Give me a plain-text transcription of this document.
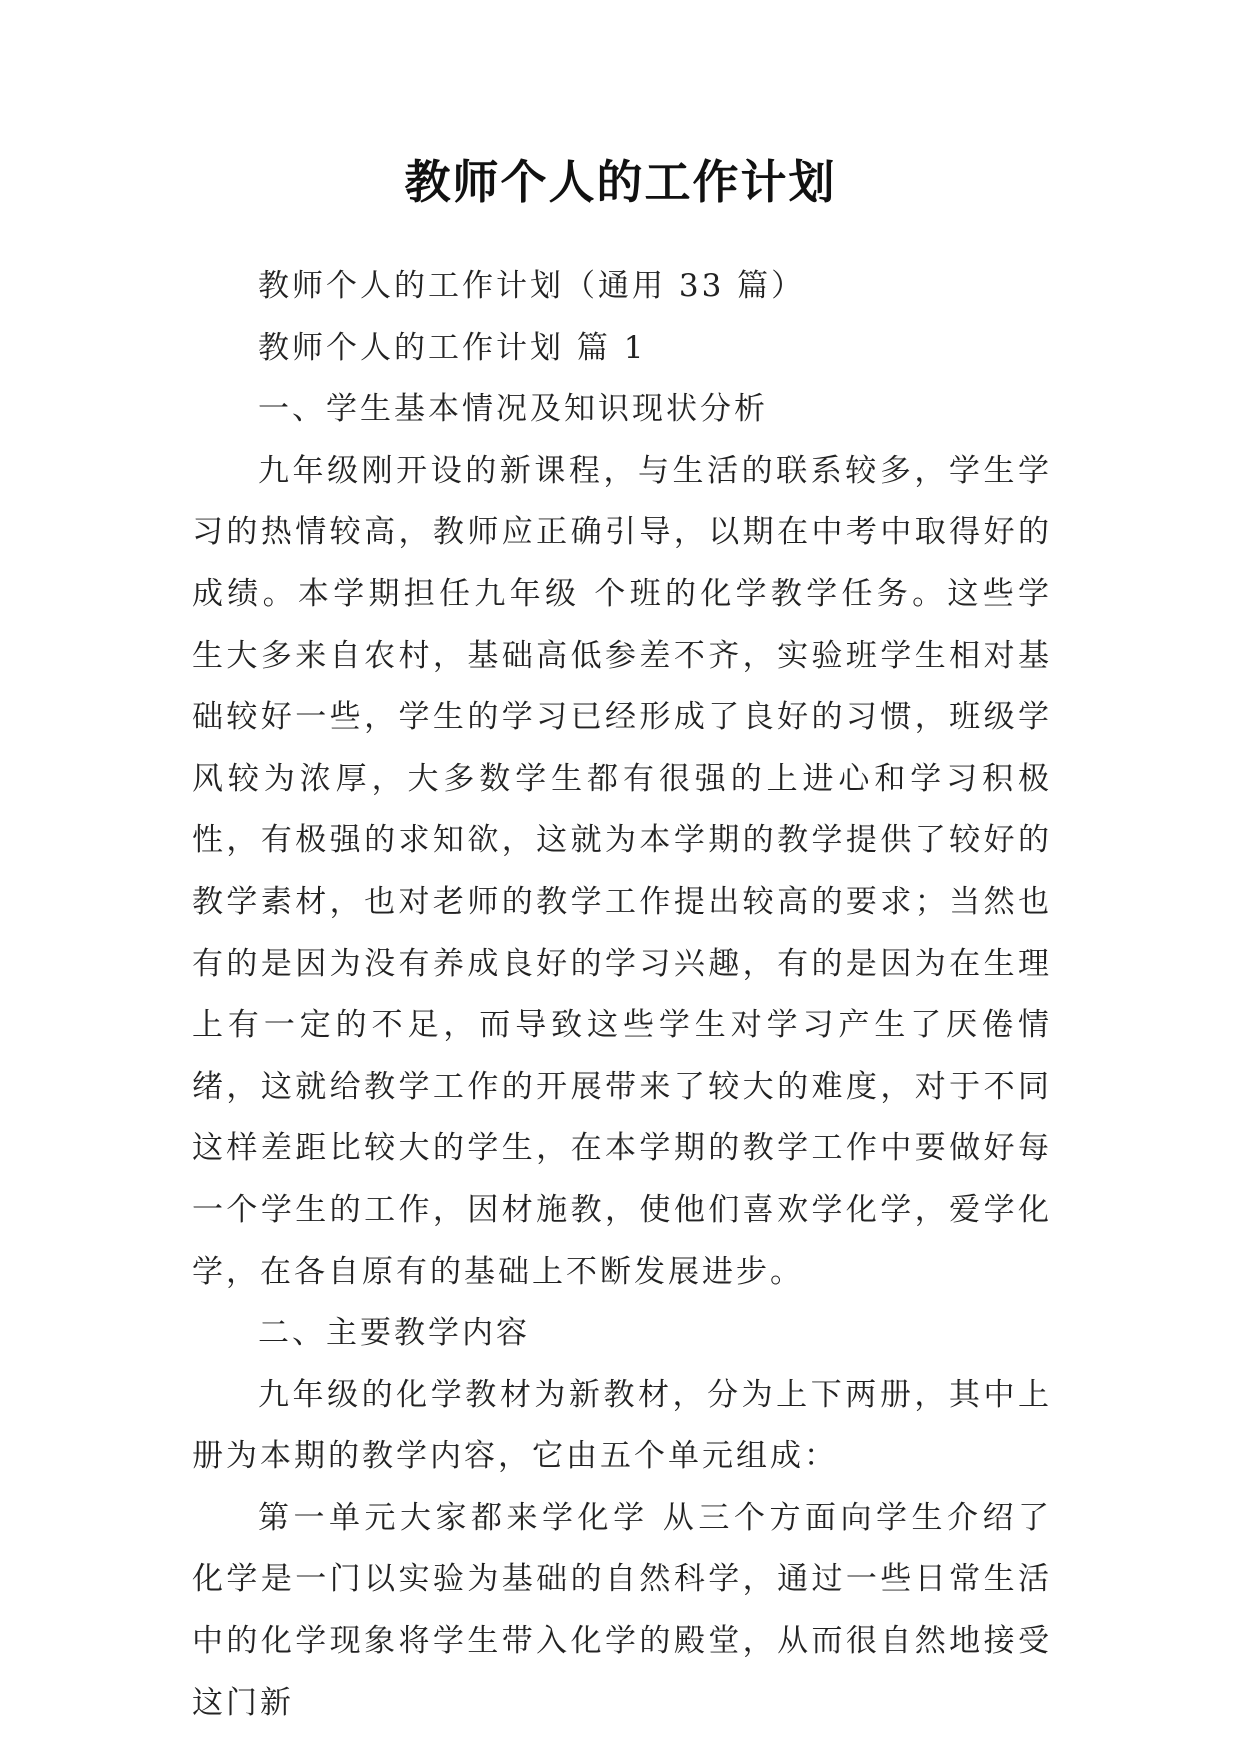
教师个人的工作计划

教师个人的工作计划（通用 33 篇）

教师个人的工作计划 篇 1

一、学生基本情况及知识现状分析

九年级刚开设的新课程，与生活的联系较多，学生学习的热情较高，教师应正确引导，以期在中考中取得好的成绩。本学期担任九年级 个班的化学教学任务。这些学生大多来自农村，基础高低参差不齐，实验班学生相对基础较好一些，学生的学习已经形成了良好的习惯，班级学风较为浓厚，大多数学生都有很强的上进心和学习积极性，有极强的求知欲，这就为本学期的教学提供了较好的教学素材，也对老师的教学工作提出较高的要求；当然也有的是因为没有养成良好的学习兴趣，有的是因为在生理上有一定的不足，而导致这些学生对学习产生了厌倦情绪，这就给教学工作的开展带来了较大的难度，对于不同这样差距比较大的学生，在本学期的教学工作中要做好每一个学生的工作，因材施教，使他们喜欢学化学，爱学化学，在各自原有的基础上不断发展进步。

二、主要教学内容

九年级的化学教材为新教材，分为上下两册，其中上册为本期的教学内容，它由五个单元组成：

第一单元大家都来学化学 从三个方面向学生介绍了化学是一门以实验为基础的自然科学，通过一些日常生活中的化学现象将学生带入化学的殿堂，从而很自然地接受这门新
